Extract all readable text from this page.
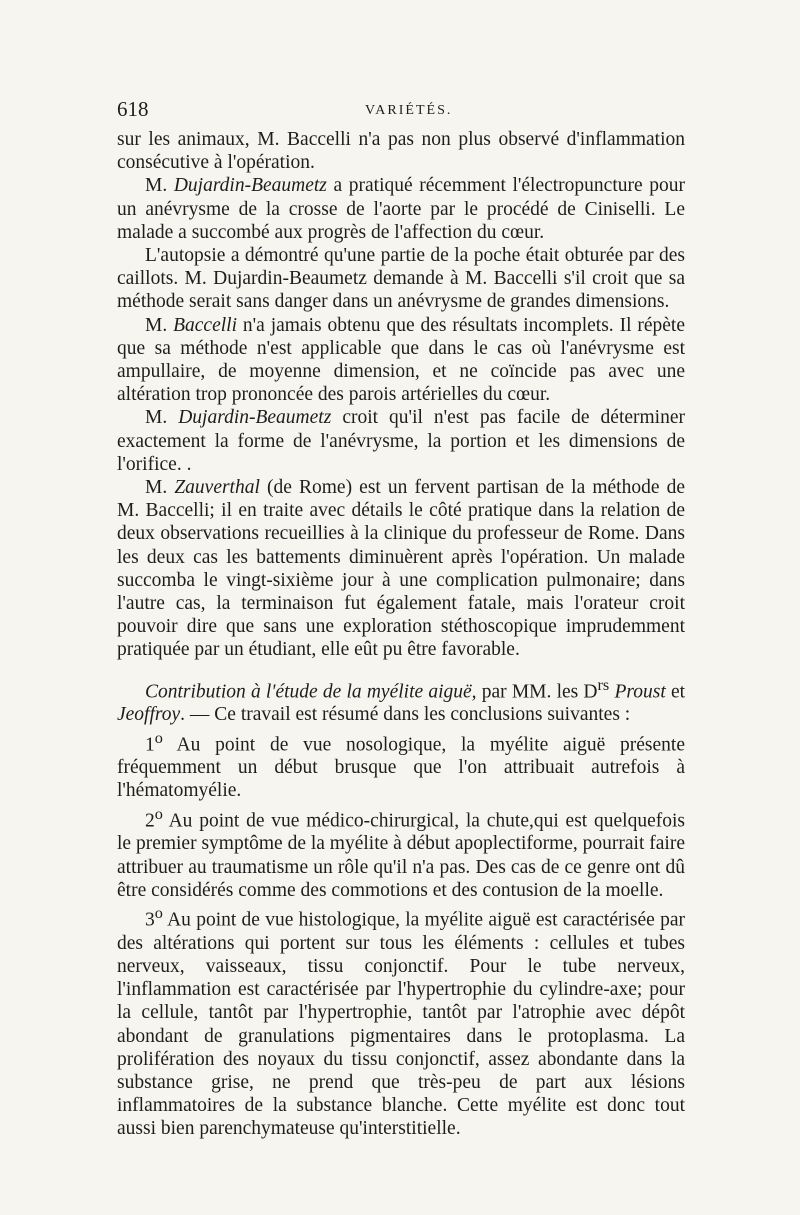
618	VARIÉTÉS.

sur les animaux, M. Baccelli n'a pas non plus observé d'inflammation consécutive à l'opération.

M. Dujardin-Beaumetz a pratiqué récemment l'électropuncture pour un anévrysme de la crosse de l'aorte par le procédé de Ciniselli. Le malade a succombé aux progrès de l'affection du cœur.

L'autopsie a démontré qu'une partie de la poche était obturée par des caillots. M. Dujardin-Beaumetz demande à M. Baccelli s'il croit que sa méthode serait sans danger dans un anévrysme de grandes dimensions.

M. Baccelli n'a jamais obtenu que des résultats incomplets. Il répète que sa méthode n'est applicable que dans le cas où l'anévrysme est ampullaire, de moyenne dimension, et ne coïncide pas avec une altération trop prononcée des parois artérielles du cœur.

M. Dujardin-Beaumetz croit qu'il n'est pas facile de déterminer exactement la forme de l'anévrysme, la portion et les dimensions de l'orifice. .

M. Zauverthal (de Rome) est un fervent partisan de la méthode de M. Baccelli; il en traite avec détails le côté pratique dans la relation de deux observations recueillies à la clinique du professeur de Rome. Dans les deux cas les battements diminuèrent après l'opération. Un malade succomba le vingt-sixième jour à une complication pulmonaire; dans l'autre cas, la terminaison fut également fatale, mais l'orateur croit pouvoir dire que sans une exploration stéthoscopique imprudemment pratiquée par un étudiant, elle eût pu être favorable.

Contribution à l'étude de la myélite aiguë, par MM. les $D^{rs}$ Proust et Jeoffroy. — Ce travail est résumé dans les conclusions suivantes :

1$^o$ Au point de vue nosologique, la myélite aiguë présente fréquemment un début brusque que l'on attribuait autrefois à l'hématomyélie.

2$^o$ Au point de vue médico-chirurgical, la chute,qui est quelquefois le premier symptôme de la myélite à début apoplectiforme, pourrait faire attribuer au traumatisme un rôle qu'il n'a pas. Des cas de ce genre ont dû être considérés comme des commotions et des contusion de la moelle.

3$^o$ Au point de vue histologique, la myélite aiguë est caractérisée par des altérations qui portent sur tous les éléments : cellules et tubes nerveux, vaisseaux, tissu conjonctif. Pour le tube nerveux, l'inflammation est caractérisée par l'hypertrophie du cylindre-axe; pour la cellule, tantôt par l'hypertrophie, tantôt par l'atrophie avec dépôt abondant de granulations pigmentaires dans le protoplasma. La prolifération des noyaux du tissu conjonctif, assez abondante dans la substance grise, ne prend que très-peu de part aux lésions inflammatoires de la substance blanche. Cette myélite est donc tout aussi bien parenchymateuse qu'interstitielle.
